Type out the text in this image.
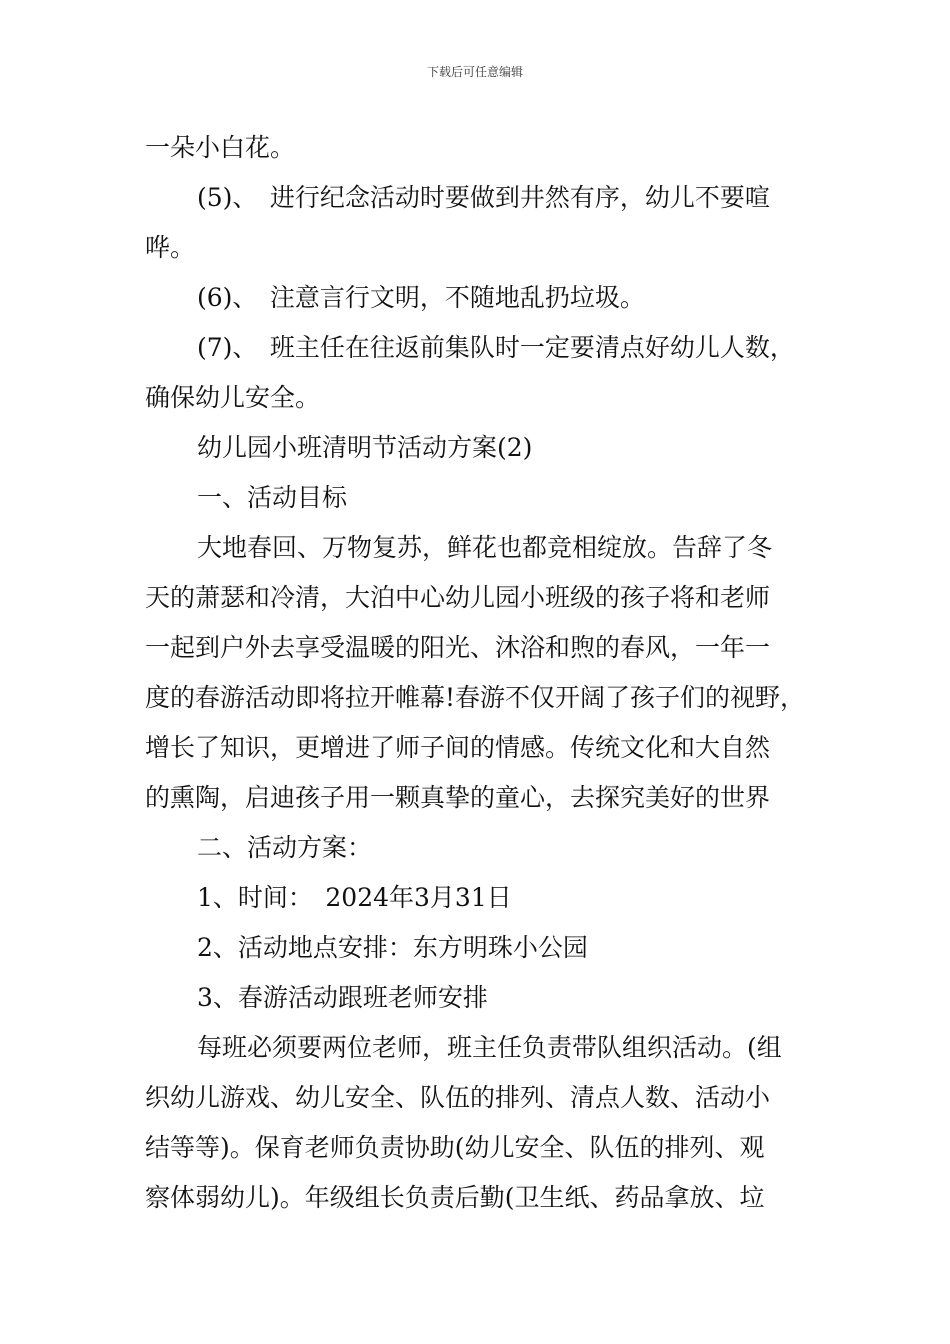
下载后可任意编辑
一朵小白花。
(5)、　进行纪念活动时要做到井然有序，幼儿不要喧
哗。
(6)、　注意言行文明，不随地乱扔垃圾。
(7)、　班主任在往返前集队时一定要清点好幼儿人数，
确保幼儿安全。
幼儿园小班清明节活动方案(2)
一、活动目标
大地春回、万物复苏，鲜花也都竞相绽放。告辞了冬
天的萧瑟和冷清，大泊中心幼儿园小班级的孩子将和老师
一起到户外去享受温暖的阳光、沐浴和煦的春风，一年一
度的春游活动即将拉开帷幕!春游不仅开阔了孩子们的视野，
增长了知识，更增进了师子间的情感。传统文化和大自然
的熏陶，启迪孩子用一颗真挚的童心，去探究美好的世界
二、活动方案：
1、时间：　2024年3月31日
2、活动地点安排：东方明珠小公园
3、春游活动跟班老师安排
每班必须要两位老师，班主任负责带队组织活动。(组
织幼儿游戏、幼儿安全、队伍的排列、清点人数、活动小
结等等)。保育老师负责协助(幼儿安全、队伍的排列、观
察体弱幼儿)。年级组长负责后勤(卫生纸、药品拿放、垃
